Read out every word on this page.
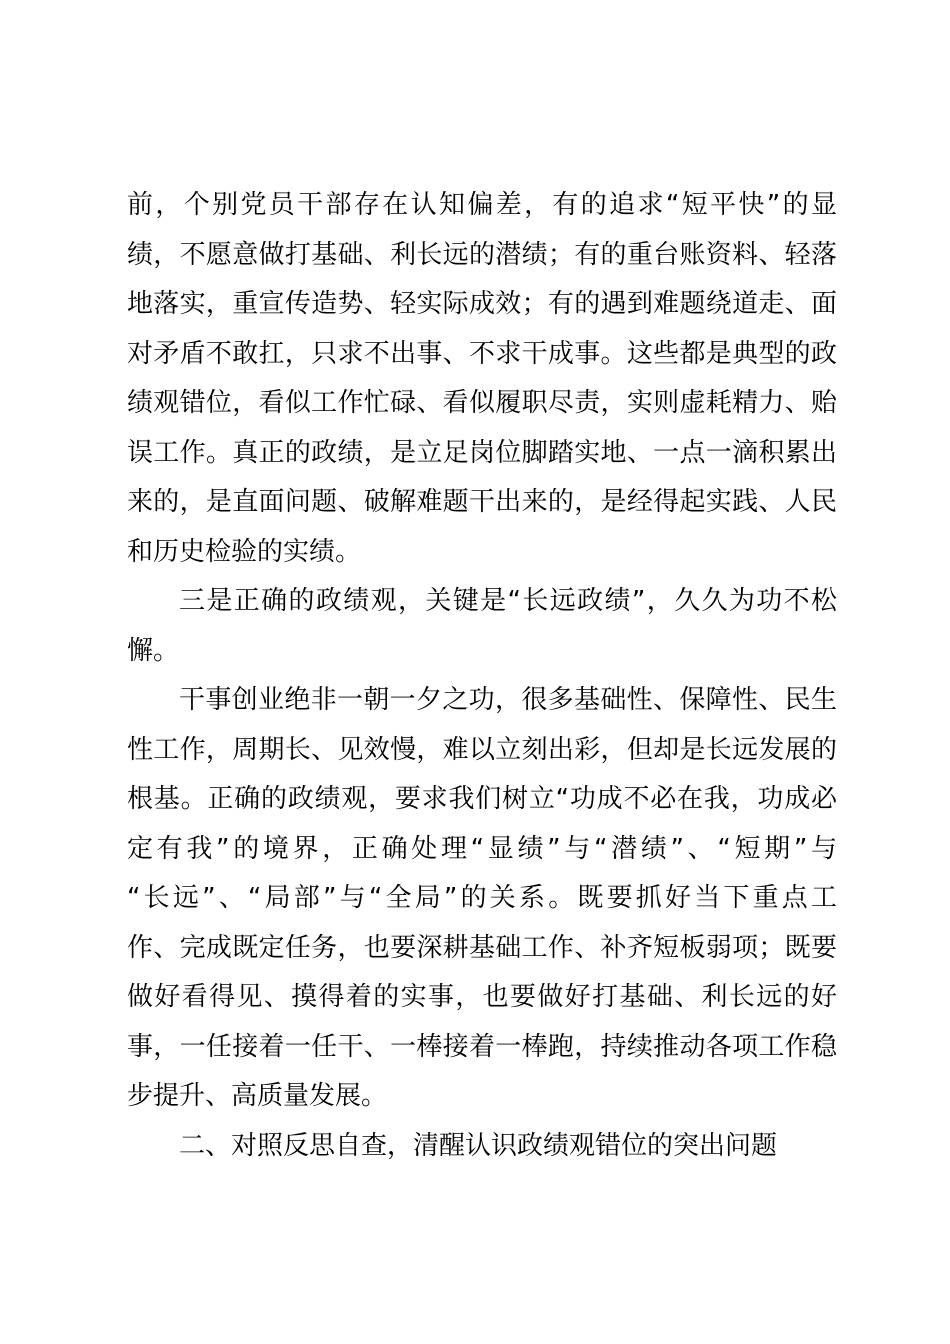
前，个别党员干部存在认知偏差，有的追求“短平快”的显
绩，不愿意做打基础、利长远的潜绩；有的重台账资料、轻落
地落实，重宣传造势、轻实际成效；有的遇到难题绕道走、面
对矛盾不敢扛，只求不出事、不求干成事。这些都是典型的政
绩观错位，看似工作忙碌、看似履职尽责，实则虚耗精力、贻
误工作。真正的政绩，是立足岗位脚踏实地、一点一滴积累出
来的，是直面问题、破解难题干出来的，是经得起实践、人民
和历史检验的实绩。
三是正确的政绩观，关键是“长远政绩”，久久为功不松
懈。
干事创业绝非一朝一夕之功，很多基础性、保障性、民生
性工作，周期长、见效慢，难以立刻出彩，但却是长远发展的
根基。正确的政绩观，要求我们树立“功成不必在我，功成必
定有我”的境界，正确处理“显绩”与“潜绩”、“短期”与
“长远”、“局部”与“全局”的关系。既要抓好当下重点工
作、完成既定任务，也要深耕基础工作、补齐短板弱项；既要
做好看得见、摸得着的实事，也要做好打基础、利长远的好
事，一任接着一任干、一棒接着一棒跑，持续推动各项工作稳
步提升、高质量发展。
二、对照反思自查，清醒认识政绩观错位的突出问题
